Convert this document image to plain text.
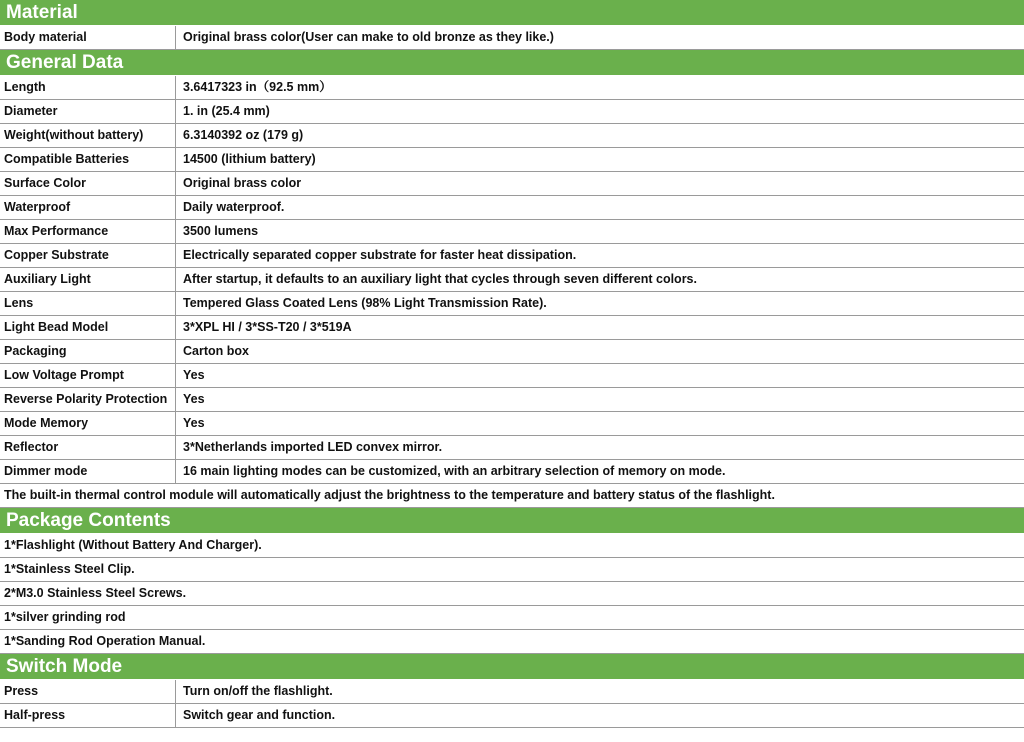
Material
Body material	Original brass color(User can make to old bronze as they like.)
General Data
Length	3.6417323 in（92.5 mm）
Diameter	1. in (25.4 mm)
Weight(without battery)	6.3140392 oz (179 g)
Compatible Batteries	14500 (lithium battery)
Surface Color	Original brass color
Waterproof	Daily waterproof.
Max Performance	3500 lumens
Copper Substrate	Electrically separated copper substrate for faster heat dissipation.
Auxiliary Light	After startup, it defaults to an auxiliary light that cycles through seven different colors.
Lens	Tempered Glass Coated Lens (98% Light Transmission Rate).
Light Bead Model	3*XPL HI / 3*SS-T20 / 3*519A
Packaging	Carton box
Low Voltage Prompt	Yes
Reverse Polarity Protection	Yes
Mode Memory	Yes
Reflector	3*Netherlands imported LED convex mirror.
Dimmer mode	16 main lighting modes can be customized, with an arbitrary selection of memory on mode.
The built-in thermal control module will automatically adjust the brightness to the temperature and battery status of the flashlight.
Package Contents
1*Flashlight (Without Battery And Charger).
1*Stainless Steel Clip.
2*M3.0 Stainless Steel Screws.
1*silver grinding rod
1*Sanding Rod Operation Manual.
Switch Mode
Press	Turn on/off the flashlight.
Half-press	Switch gear and function.
